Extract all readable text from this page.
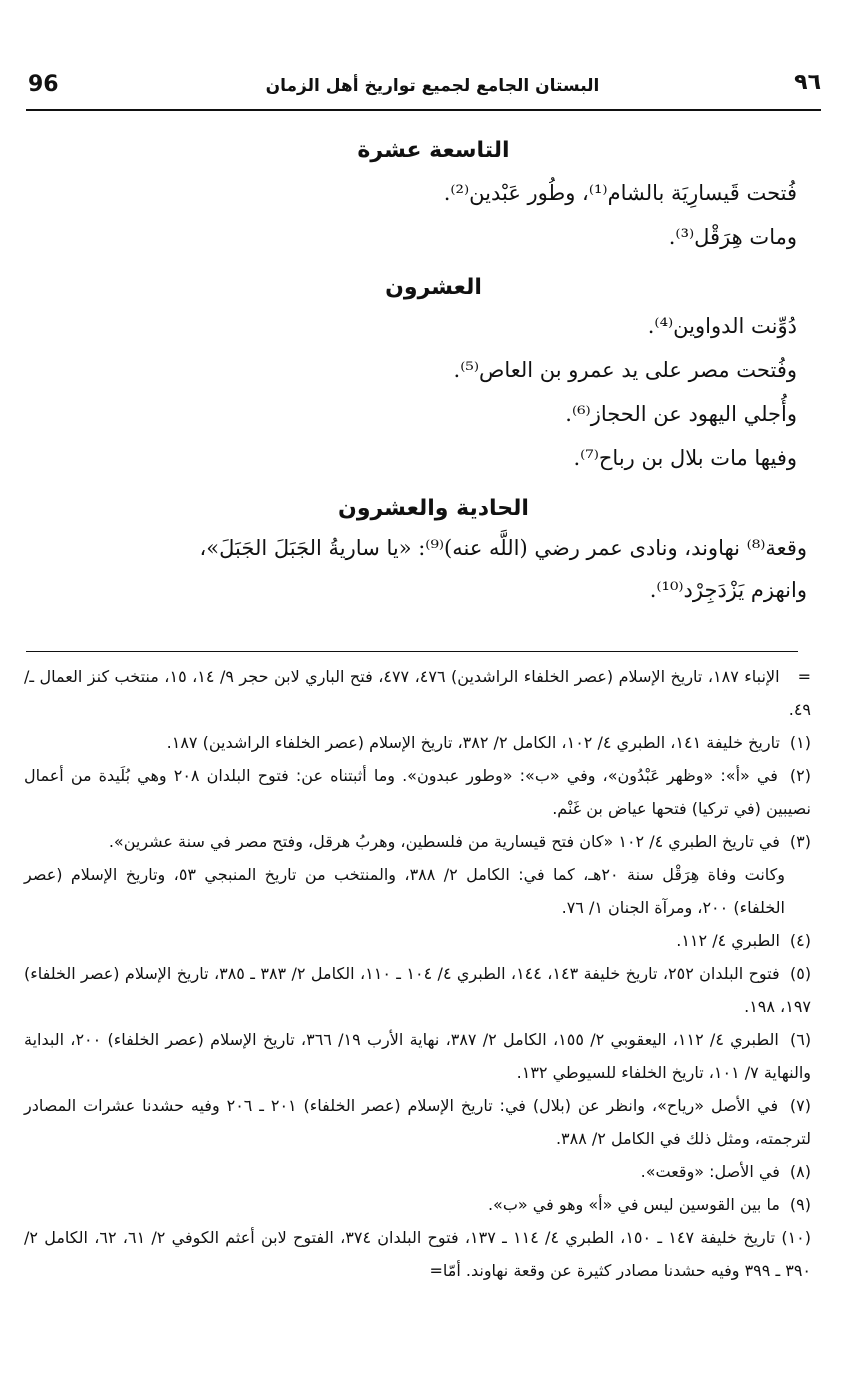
96	البستان الجامع لجميع تواريخ أهل الزمان	٩٦
التاسعة عشرة

فُتحت قَيسارِيَة بالشام⁽¹⁾، وطُور عَبْدين⁽²⁾.

ومات هِرَقْل⁽³⁾.

العشرون

دُوِّنت الدواوين⁽⁴⁾.

وفُتحت مصر على يد عمرو بن العاص⁽⁵⁾.

وأُجلي اليهود عن الحجاز⁽⁶⁾.

وفيها مات بلال بن رباح⁽⁷⁾.

الحادية والعشرون

وقعة⁽⁸⁾ نهاوند، ونادى عمر رضي (اللَّه عنه)⁽⁹⁾: «يا ساريةُ الجَبَلَ الجَبَلَ»،

وانهزم يَزْدَجِرْد⁽¹⁰⁾.

= الإنباء ١٨٧، تاريخ الإسلام (عصر الخلفاء الراشدين) ٤٧٦، ٤٧٧، فتح الباري لابن حجر ٩/ ١٤، ١٥، منتخب كنز العمال ـ/ ٤٩.

(١) تاريخ خليفة ١٤١، الطبري ٤/ ١٠٢، الكامل ٢/ ٣٨٢، تاريخ الإسلام (عصر الخلفاء الراشدين) ١٨٧.

(٢) في «أ»: «وظهر عَبْدُون»، وفي «ب»: «وطور عبدون». وما أثبتناه عن: فتوح البلدان ٢٠٨ وهي بُلَيدة من أعمال نصيبين (في تركيا) فتحها عياض بن غَنْم.

(٣) في تاريخ الطبري ٤/ ١٠٢ «كان فتح قيسارية من فلسطين، وهربُ هرقل، وفتح مصر في سنة عشرين».

وكانت وفاة هِرَقْل سنة ٢٠هـ، كما في: الكامل ٢/ ٣٨٨، والمنتخب من تاريخ المنبجي ٥٣، وتاريخ الإسلام (عصر الخلفاء) ٢٠٠، ومرآة الجنان ١/ ٧٦.

(٤) الطبري ٤/ ١١٢.

(٥) فتوح البلدان ٢٥٢، تاريخ خليفة ١٤٣، ١٤٤، الطبري ٤/ ١٠٤ ـ ١١٠، الكامل ٢/ ٣٨٣ ـ ٣٨٥، تاريخ الإسلام (عصر الخلفاء) ١٩٧، ١٩٨.

(٦) الطبري ٤/ ١١٢، اليعقوبي ٢/ ١٥٥، الكامل ٢/ ٣٨٧، نهاية الأرب ١٩/ ٣٦٦، تاريخ الإسلام (عصر الخلفاء) ٢٠٠، البداية والنهاية ٧/ ١٠١، تاريخ الخلفاء للسيوطي ١٣٢.

(٧) في الأصل «رياح»، وانظر عن (بلال) في: تاريخ الإسلام (عصر الخلفاء) ٢٠١ ـ ٢٠٦ وفيه حشدنا عشرات المصادر لترجمته، ومثل ذلك في الكامل ٢/ ٣٨٨.

(٨) في الأصل: «وقعت».

(٩) ما بين القوسين ليس في «أ» وهو في «ب».

(١٠) تاريخ خليفة ١٤٧ ـ ١٥٠، الطبري ٤/ ١١٤ ـ ١٣٧، فتوح البلدان ٣٧٤، الفتوح لابن أعثم الكوفي ٢/ ٦١، ٦٢، الكامل ٢/ ٣٩٠ ـ ٣٩٩ وفيه حشدنا مصادر كثيرة عن وقعة نهاوند. أمّا=
